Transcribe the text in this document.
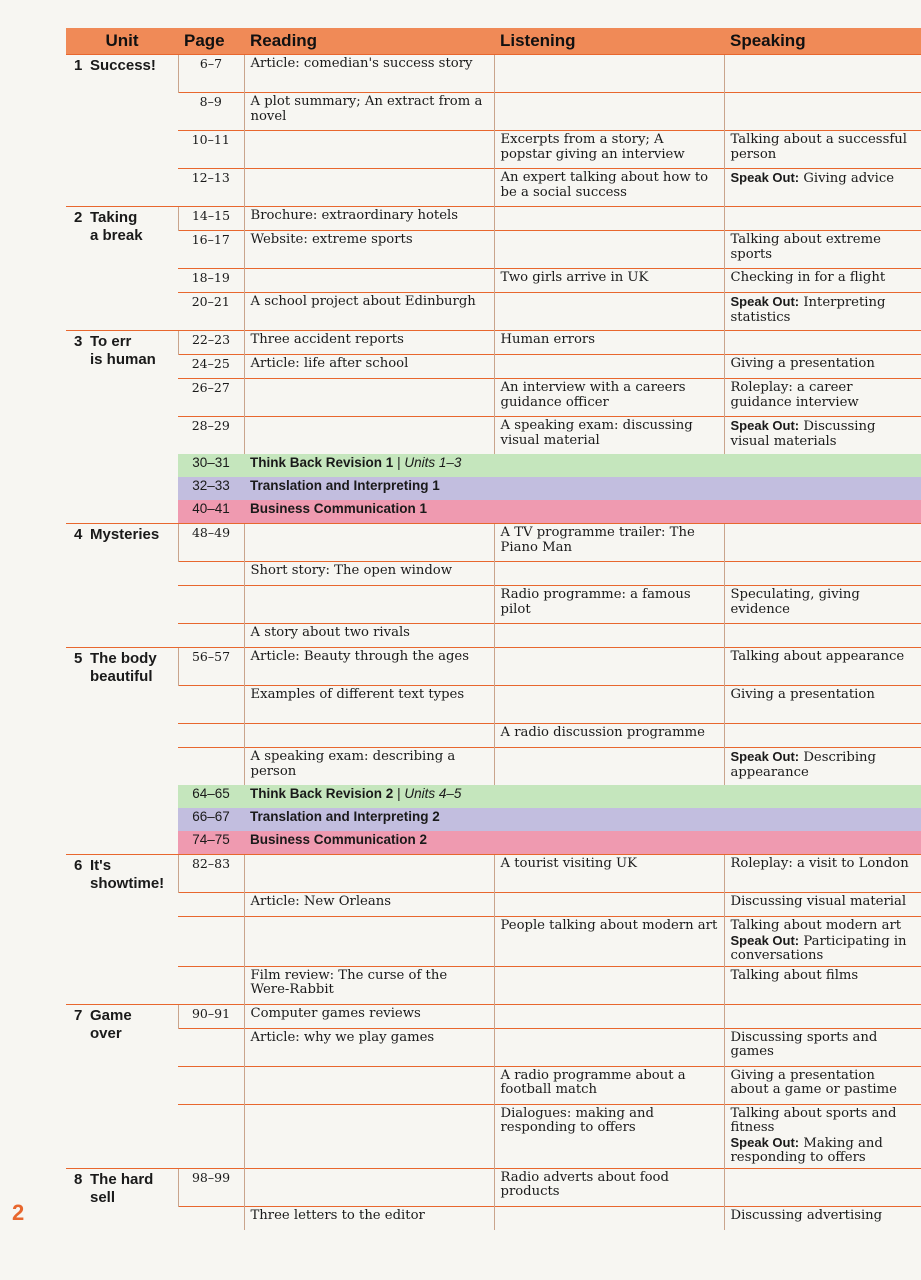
Unit	Page	Reading	Listening	Speaking
1 Success!	6–7	Article: comedian's success story		
	8–9	A plot summary; An extract from a novel		
	10–11		Excerpts from a story; A popstar giving an interview	Talking about a successful person
	12–13		An expert talking about how to be a social success	Speak Out: Giving advice
2 Taking
a break	14–15	Brochure: extraordinary hotels		
	16–17	Website: extreme sports		Talking about extreme sports
	18–19		Two girls arrive in UK	Checking in for a flight
	20–21	A school project about Edinburgh		Speak Out: Interpreting statistics
3 To err
is human	22–23	Three accident reports	Human errors	
	24–25	Article: life after school		Giving a presentation
	26–27		An interview with a careers guidance officer	Roleplay: a career guidance interview
	28–29		A speaking exam: discussing visual material	Speak Out: Discussing visual materials
	30–31	Think Back Revision 1 | Units 1–3		
	32–33	Translation and Interpreting 1		
	40–41	Business Communication 1		
4 Mysteries	48–49		A TV programme trailer: The Piano Man	
		Short story: The open window		
			Radio programme: a famous pilot	Speculating, giving evidence
		A story about two rivals		
5 The body
beautiful	56–57	Article: Beauty through the ages		Talking about appearance
		Examples of different text types		Giving a presentation
			A radio discussion programme	
		A speaking exam: describing a person		Speak Out: Describing appearance
	64–65	Think Back Revision 2 | Units 4–5		
	66–67	Translation and Interpreting 2		
	74–75	Business Communication 2		
6 It's
showtime!	82–83		A tourist visiting UK	Roleplay: a visit to London
		Article: New Orleans		Discussing visual material
			People talking about modern art	Talking about modern art
Speak Out: Participating in conversations
		Film review: The curse of the Were-Rabbit		Talking about films
7 Game
over	90–91	Computer games reviews		
		Article: why we play games		Discussing sports and games
			A radio programme about a football match	Giving a presentation about a game or pastime
			Dialogues: making and responding to offers	Talking about sports and fitness
Speak Out: Making and responding to offers
8 The hard
sell	98–99		Radio adverts about food products	
		Three letters to the editor		Discussing advertising
2
